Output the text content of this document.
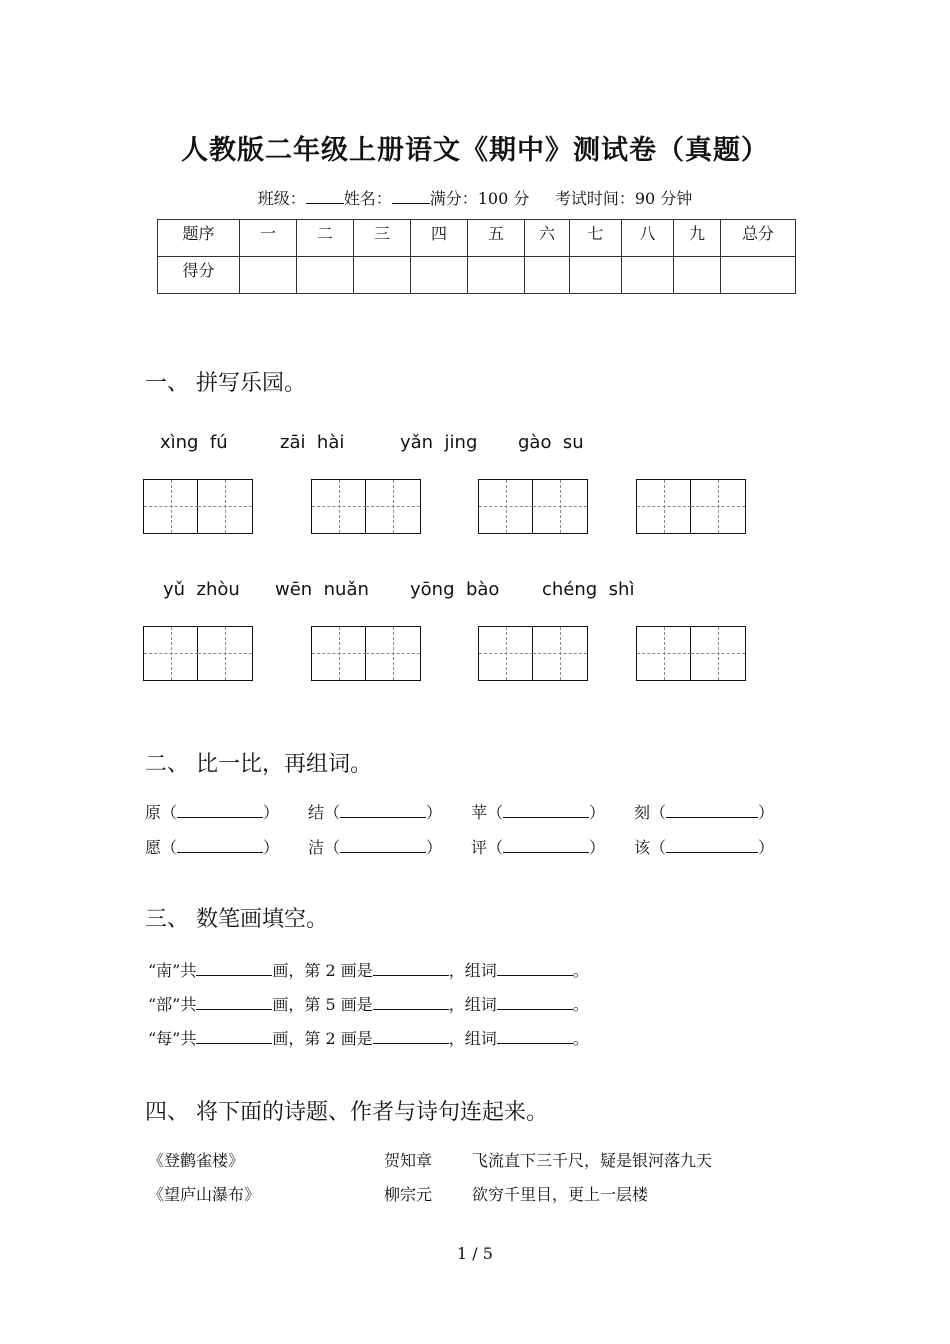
人教版二年级上册语文《期中》测试卷（真题）
班级： 姓名： 满分：100 分 考试时间：90 分钟
题序	一	二	三	四	五	六	七	八	九	总分
得分										
一、 拼写乐园。
xìng  fú	zāi  hài	yǎn  jing gào  su
yǔ  zhòu wēn  nuǎn yōng  bào chéng  shì
二、 比一比，再组词。
原（	） 结（	） 苹（	） 刻（	）
愿（	） 洁（	） 评（	） 该（	）
三、 数笔画填空。
“南”共	画，第 2 画是	，组词	。
“部”共	画，第 5 画是	，组词	。
“每”共	画，第 2 画是	，组词	。
四、 将下面的诗题、作者与诗句连起来。
《登鹳雀楼》	贺知章 飞流直下三千尺，疑是银河落九天
《望庐山瀑布》	柳宗元 欲穷千里目，更上一层楼
1 / 5
